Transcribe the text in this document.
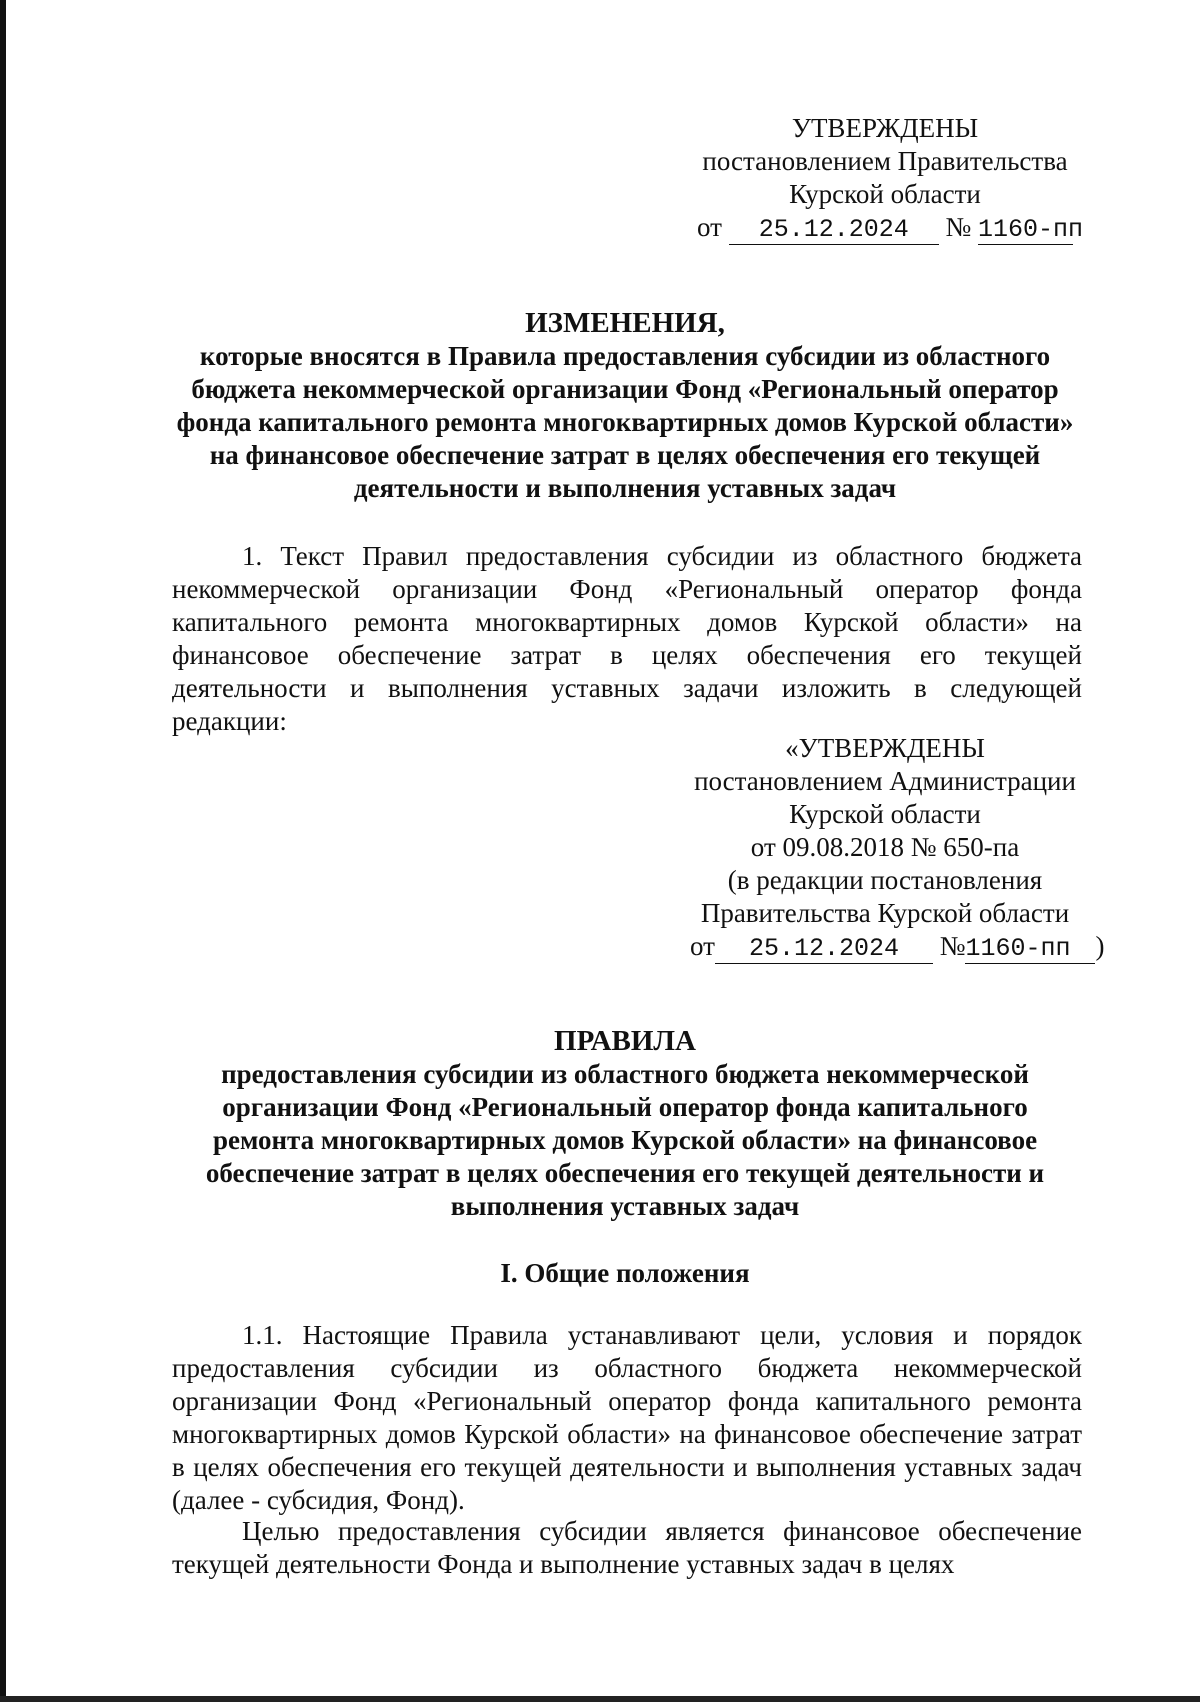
УТВЕРЖДЕНЫ
постановлением Правительства
Курской области
от 25.12.2024 № 1160-пп
ИЗМЕНЕНИЯ,
которые вносятся в Правила предоставления субсидии из областного бюджета некоммерческой организации Фонд «Региональный оператор фонда капитального ремонта многоквартирных домов Курской области» на финансовое обеспечение затрат в целях обеспечения его текущей деятельности и выполнения уставных задач
1. Текст Правил предоставления субсидии из областного бюджета некоммерческой организации Фонд «Региональный оператор фонда капитального ремонта многоквартирных домов Курской области» на финансовое обеспечение затрат в целях обеспечения его текущей деятельности и выполнения уставных задачи изложить в следующей редакции:
«УТВЕРЖДЕНЫ
постановлением Администрации
Курской области
от 09.08.2018 № 650-па
(в редакции постановления
Правительства Курской области
от 25.12.2024 №1160-пп )
ПРАВИЛА
предоставления субсидии из областного бюджета некоммерческой организации Фонд «Региональный оператор фонда капитального ремонта многоквартирных домов Курской области» на финансовое обеспечение затрат в целях обеспечения его текущей деятельности и выполнения уставных задач
I. Общие положения
1.1. Настоящие Правила устанавливают цели, условия и порядок предоставления субсидии из областного бюджета некоммерческой организации Фонд «Региональный оператор фонда капитального ремонта многоквартирных домов Курской области» на финансовое обеспечение затрат в целях обеспечения его текущей деятельности и выполнения уставных задач (далее - субсидия, Фонд).
Целью предоставления субсидии является финансовое обеспечение текущей деятельности Фонда и выполнение уставных задач в целях
